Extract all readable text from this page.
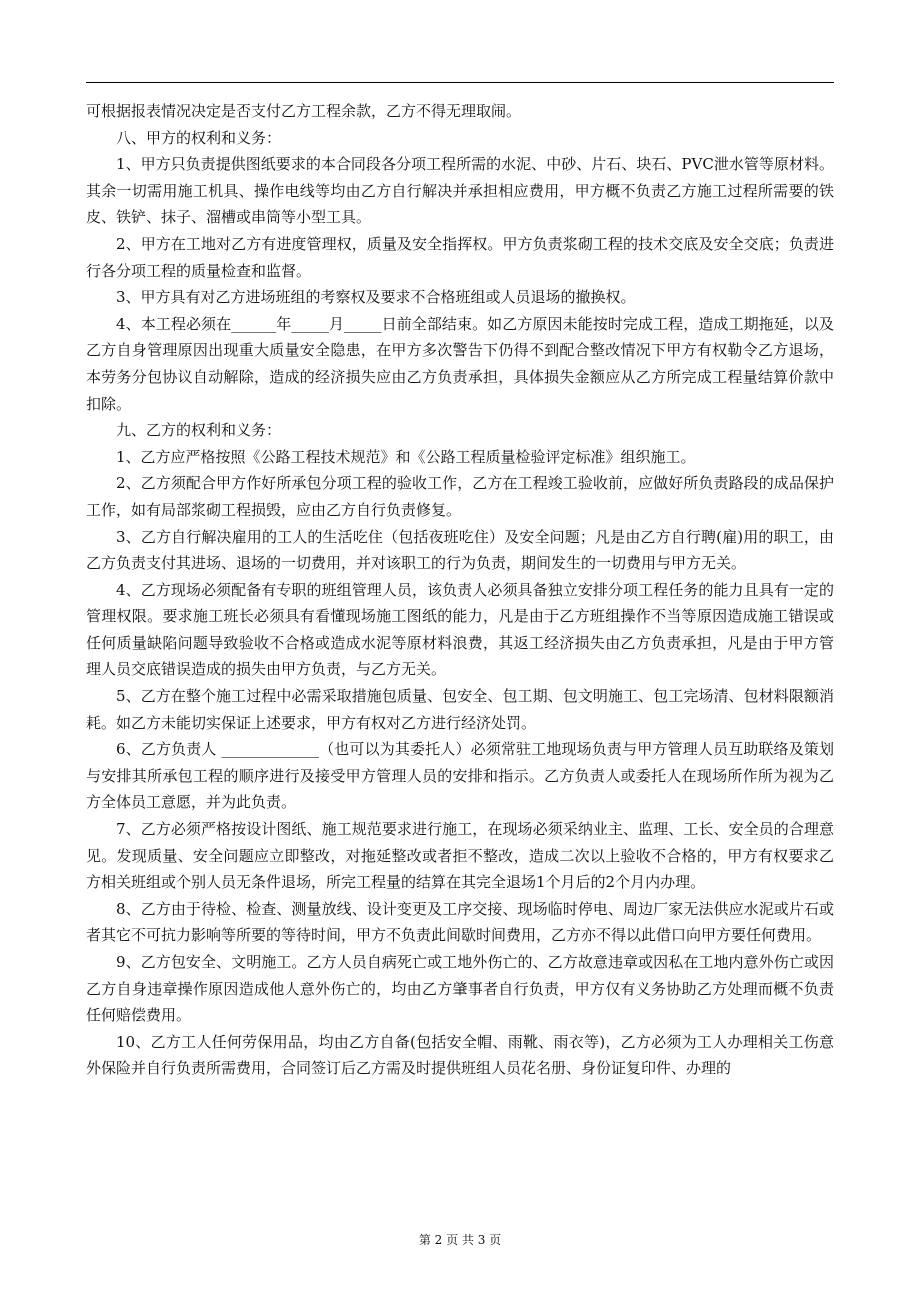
可根据报表情况决定是否支付乙方工程余款，乙方不得无理取闹。

八、甲方的权利和义务：

1、甲方只负责提供图纸要求的本合同段各分项工程所需的水泥、中砂、片石、块石、PVC泄水管等原材料。其余一切需用施工机具、操作电线等均由乙方自行解决并承担相应费用，甲方概不负责乙方施工过程所需要的铁皮、铁铲、抹子、溜槽或串筒等小型工具。

2、甲方在工地对乙方有进度管理权，质量及安全指挥权。甲方负责浆砌工程的技术交底及安全交底；负责进行各分项工程的质量检查和监督。

3、甲方具有对乙方进场班组的考察权及要求不合格班组或人员退场的撤换权。

4、本工程必须在______年_____月_____日前全部结束。如乙方原因未能按时完成工程，造成工期拖延，以及乙方自身管理原因出现重大质量安全隐患，在甲方多次警告下仍得不到配合整改情况下甲方有权勒令乙方退场，本劳务分包协议自动解除，造成的经济损失应由乙方负责承担，具体损失金额应从乙方所完成工程量结算价款中扣除。

九、乙方的权利和义务：

1、乙方应严格按照《公路工程技术规范》和《公路工程质量检验评定标准》组织施工。

2、乙方须配合甲方作好所承包分项工程的验收工作，乙方在工程竣工验收前，应做好所负责路段的成品保护工作，如有局部浆砌工程损毁，应由乙方自行负责修复。

3、乙方自行解决雇用的工人的生活吃住（包括夜班吃住）及安全问题；凡是由乙方自行聘(雇)用的职工，由乙方负责支付其进场、退场的一切费用，并对该职工的行为负责，期间发生的一切费用与甲方无关。

4、乙方现场必须配备有专职的班组管理人员，该负责人必须具备独立安排分项工程任务的能力且具有一定的管理权限。要求施工班长必须具有看懂现场施工图纸的能力，凡是由于乙方班组操作不当等原因造成施工错误或任何质量缺陷问题导致验收不合格或造成水泥等原材料浪费，其返工经济损失由乙方负责承担，凡是由于甲方管理人员交底错误造成的损失由甲方负责，与乙方无关。

5、乙方在整个施工过程中必需采取措施包质量、包安全、包工期、包文明施工、包工完场清、包材料限额消耗。如乙方未能切实保证上述要求，甲方有权对乙方进行经济处罚。

6、乙方负责人 _____________（也可以为其委托人）必须常驻工地现场负责与甲方管理人员互助联络及策划与安排其所承包工程的顺序进行及接受甲方管理人员的安排和指示。乙方负责人或委托人在现场所作所为视为乙方全体员工意愿，并为此负责。

7、乙方必须严格按设计图纸、施工规范要求进行施工，在现场必须采纳业主、监理、工长、安全员的合理意见。发现质量、安全问题应立即整改，对拖延整改或者拒不整改，造成二次以上验收不合格的，甲方有权要求乙方相关班组或个别人员无条件退场，所完工程量的结算在其完全退场1个月后的2个月内办理。

8、乙方由于待检、检查、测量放线、设计变更及工序交接、现场临时停电、周边厂家无法供应水泥或片石或者其它不可抗力影响等所要的等待时间，甲方不负责此间歇时间费用，乙方亦不得以此借口向甲方要任何费用。

9、乙方包安全、文明施工。乙方人员自病死亡或工地外伤亡的、乙方故意违章或因私在工地内意外伤亡或因乙方自身违章操作原因造成他人意外伤亡的，均由乙方肇事者自行负责，甲方仅有义务协助乙方处理而概不负责任何赔偿费用。

10、乙方工人任何劳保用品，均由乙方自备(包括安全帽、雨靴、雨衣等)，乙方必须为工人办理相关工伤意外保险并自行负责所需费用，合同签订后乙方需及时提供班组人员花名册、身份证复印件、办理的

第 2 页 共 3 页
